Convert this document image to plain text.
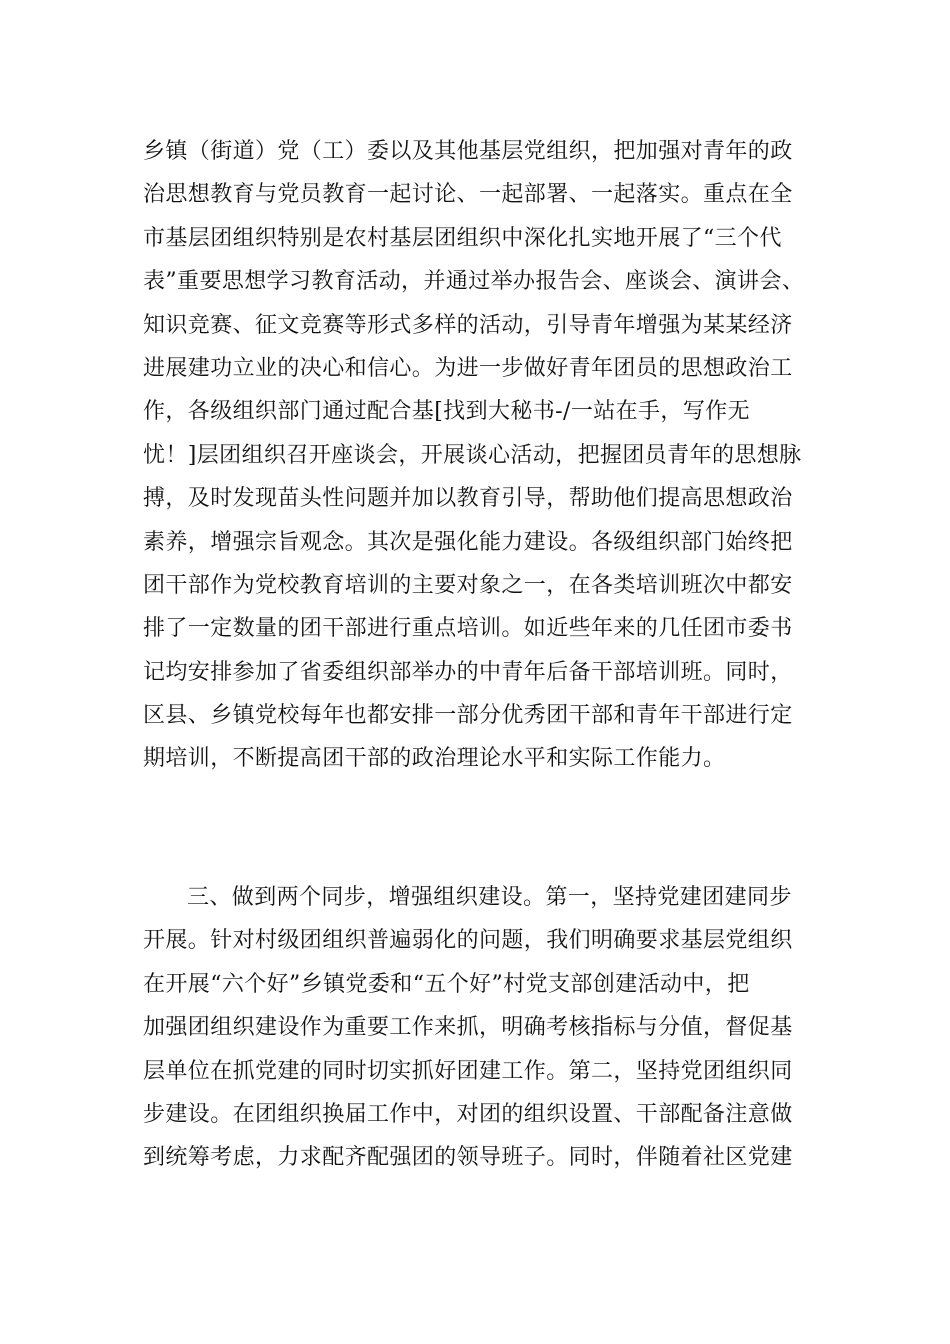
乡镇（街道）党（工）委以及其他基层党组织，把加强对青年的政
治思想教育与党员教育一起讨论、一起部署、一起落实。重点在全
市基层团组织特别是农村基层团组织中深化扎实地开展了“三个代
表”重要思想学习教育活动，并通过举办报告会、座谈会、演讲会、
知识竞赛、征文竞赛等形式多样的活动，引导青年增强为某某经济
进展建功立业的决心和信心。为进一步做好青年团员的思想政治工
作，各级组织部门通过配合基[找到大秘书-/一站在手，写作无
忧！]层团组织召开座谈会，开展谈心活动，把握团员青年的思想脉
搏，及时发现苗头性问题并加以教育引导，帮助他们提高思想政治
素养，增强宗旨观念。其次是强化能力建设。各级组织部门始终把
团干部作为党校教育培训的主要对象之一，在各类培训班次中都安
排了一定数量的团干部进行重点培训。如近些年来的几任团市委书
记均安排参加了省委组织部举办的中青年后备干部培训班。同时，
区县、乡镇党校每年也都安排一部分优秀团干部和青年干部进行定
期培训，不断提高团干部的政治理论水平和实际工作能力。
三、做到两个同步，增强组织建设。第一，坚持党建团建同步
开展。针对村级团组织普遍弱化的问题，我们明确要求基层党组织
在开展“六个好”乡镇党委和“五个好”村党支部创建活动中，把
加强团组织建设作为重要工作来抓，明确考核指标与分值，督促基
层单位在抓党建的同时切实抓好团建工作。第二，坚持党团组织同
步建设。在团组织换届工作中，对团的组织设置、干部配备注意做
到统筹考虑，力求配齐配强团的领导班子。同时，伴随着社区党建
